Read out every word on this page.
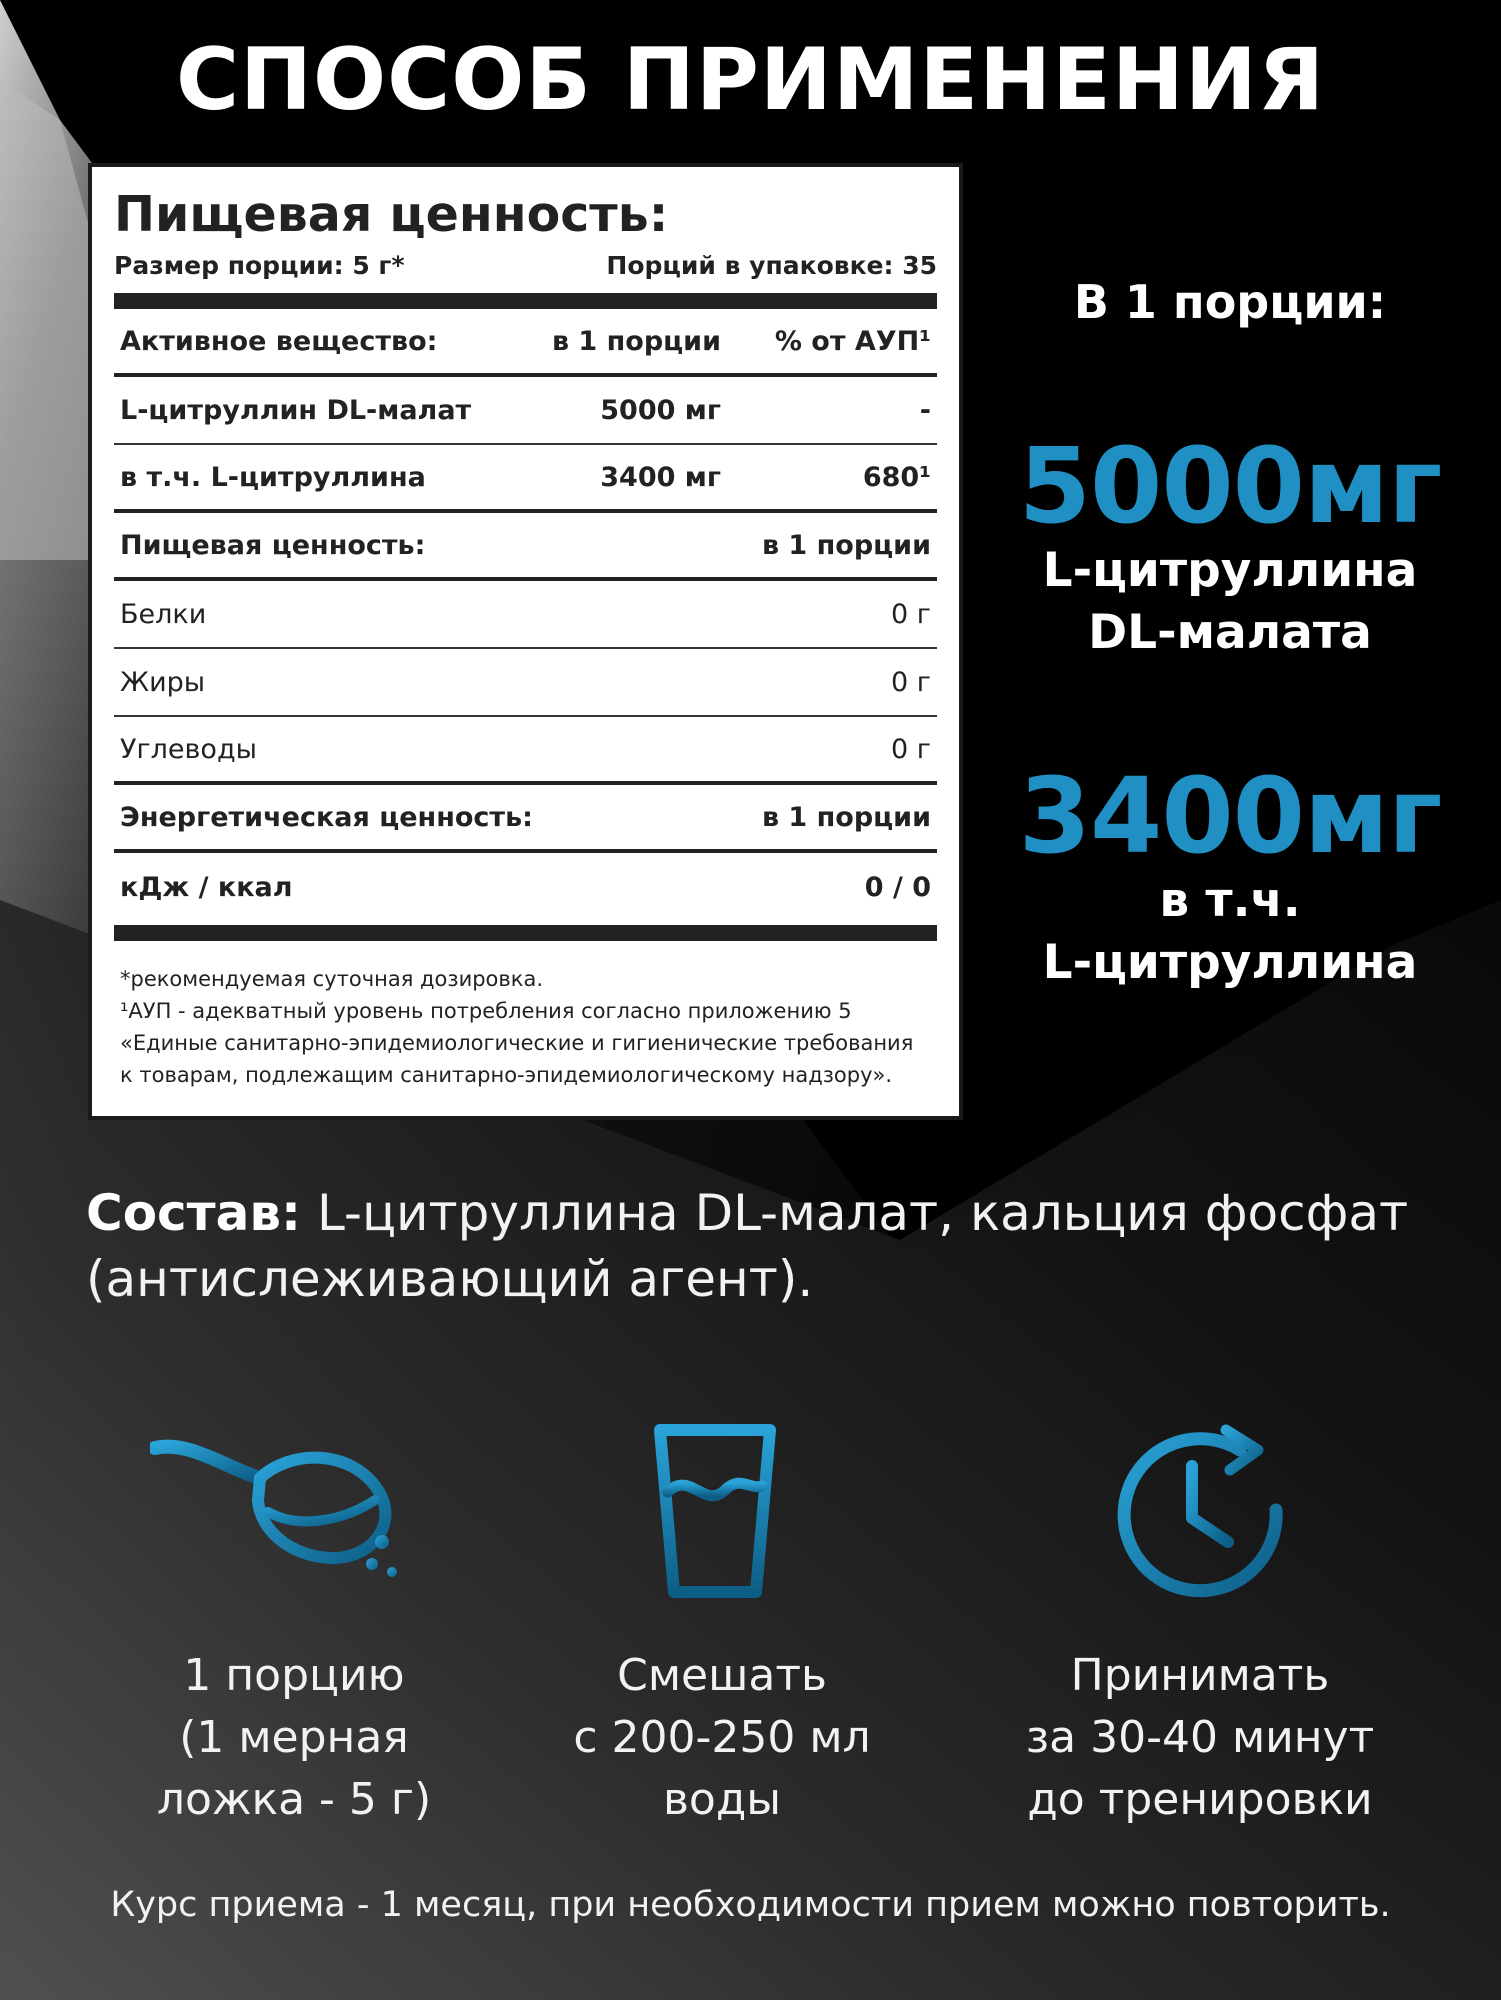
СПОСОБ ПРИМЕНЕНИЯ
Пищевая ценность:
Размер порции: 5 г*	Порций в упаковке: 35
Активное вещество:	в 1 порции	% от АУП¹
L-цитруллин DL-малат	5000 мг	-
в т.ч. L-цитруллина	3400 мг	680¹
Пищевая ценность:	в 1 порции
Белки	0 г
Жиры	0 г
Углеводы	0 г
Энергетическая ценность:	в 1 порции
кДж / ккал	0 / 0
*рекомендуемая суточная дозировка.
¹АУП - адекватный уровень потребления согласно приложению 5
«Единые санитарно-эпидемиологические и гигиенические требования
к товарам, подлежащим санитарно-эпидемиологическому надзору».
В 1 порции:
5000мг
L-цитруллина
DL-малата
3400мг
в т.ч.
L-цитруллина
Состав: L-цитруллина DL-малат, кальция фосфат (антислеживающий агент).
1 порцию
(1 мерная
ложка - 5 г)
Смешать
с 200-250 мл
воды
Принимать
за 30-40 минут
до тренировки
Курс приема - 1 месяц, при необходимости прием можно повторить.
